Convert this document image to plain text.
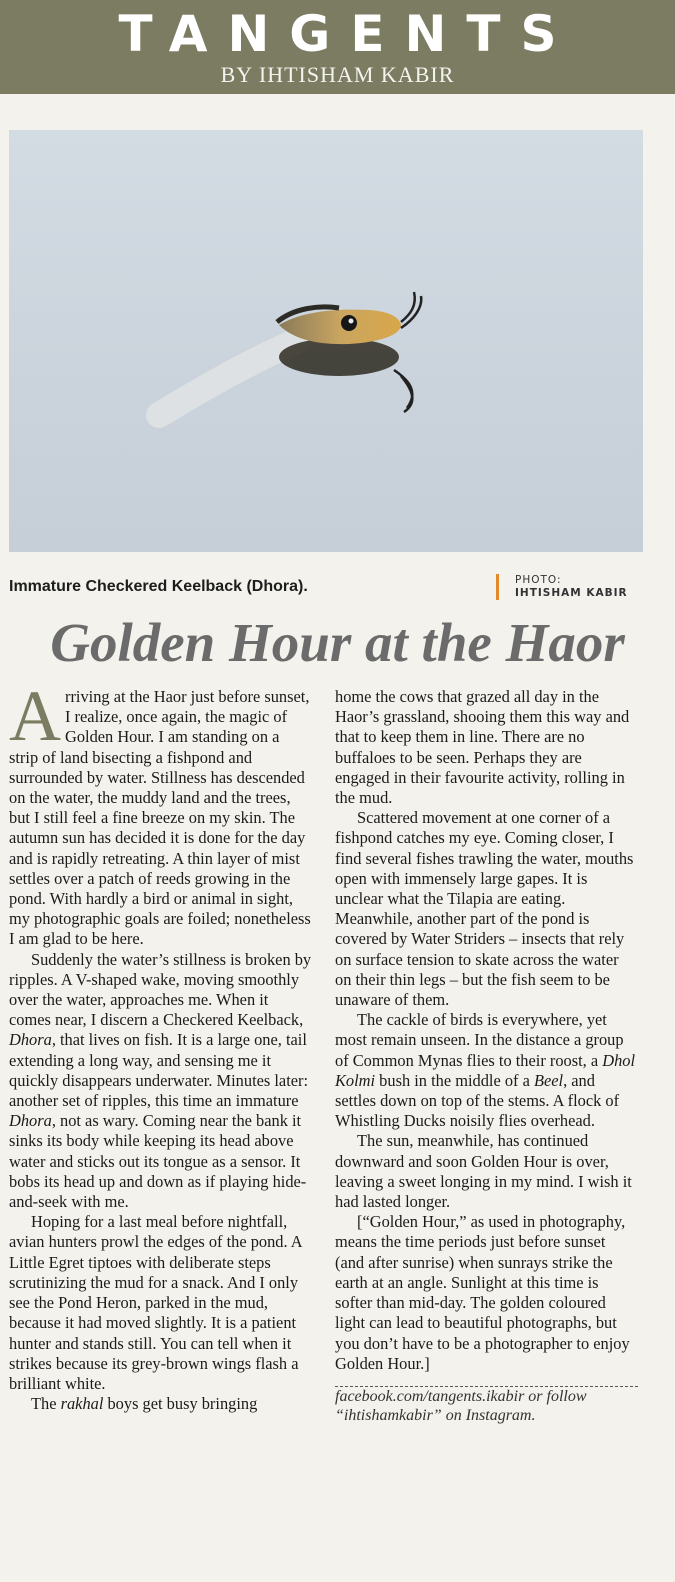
TANGENTS
BY IHTISHAM KABIR
Immature Checkered Keelback (Dhora).	PHOTO:
IHTISHAM KABIR
Golden Hour at the Haor

Arriving at the Haor just before sunset, I realize, once again, the magic of Golden Hour. I am standing on a strip of land bisecting a fishpond and surrounded by water. Stillness has descended on the water, the muddy land and the trees, but I still feel a fine breeze on my skin. The autumn sun has decided it is done for the day and is rapidly retreating. A thin layer of mist settles over a patch of reeds growing in the pond. With hardly a bird or animal in sight, my photographic goals are foiled; nonetheless I am glad to be here.

Suddenly the water’s stillness is broken by ripples. A V-shaped wake, moving smoothly over the water, approaches me. When it comes near, I discern a Checkered Keelback, Dhora, that lives on fish. It is a large one, tail extending a long way, and sensing me it quickly disappears underwater. Minutes later: another set of ripples, this time an immature Dhora, not as wary. Coming near the bank it sinks its body while keeping its head above water and sticks out its tongue as a sensor. It bobs its head up and down as if playing hide-and-seek with me.

Hoping for a last meal before nightfall, avian hunters prowl the edges of the pond. A Little Egret tiptoes with deliberate steps scrutinizing the mud for a snack. And I only see the Pond Heron, parked in the mud, because it had moved slightly. It is a patient hunter and stands still. You can tell when it strikes because its grey-brown wings flash a brilliant white.

The rakhal boys get busy bringing

home the cows that grazed all day in the Haor’s grassland, shooing them this way and that to keep them in line. There are no buffaloes to be seen. Perhaps they are engaged in their favourite activity, rolling in the mud.

Scattered movement at one corner of a fishpond catches my eye. Coming closer, I find several fishes trawling the water, mouths open with immensely large gapes. It is unclear what the Tilapia are eating. Meanwhile, another part of the pond is covered by Water Striders – insects that rely on surface tension to skate across the water on their thin legs – but the fish seem to be unaware of them.

The cackle of birds is everywhere, yet most remain unseen. In the distance a group of Common Mynas flies to their roost, a Dhol Kolmi bush in the middle of a Beel, and settles down on top of the stems. A flock of Whistling Ducks noisily flies overhead.

The sun, meanwhile, has continued downward and soon Golden Hour is over, leaving a sweet longing in my mind. I wish it had lasted longer.

[“Golden Hour,” as used in photography, means the time periods just before sunset (and after sunrise) when sunrays strike the earth at an angle. Sunlight at this time is softer than mid-day. The golden coloured light can lead to beautiful photographs, but you don’t have to be a photographer to enjoy Golden Hour.]

facebook.com/tangents.ikabir or follow “ihtishamkabir” on Instagram.
